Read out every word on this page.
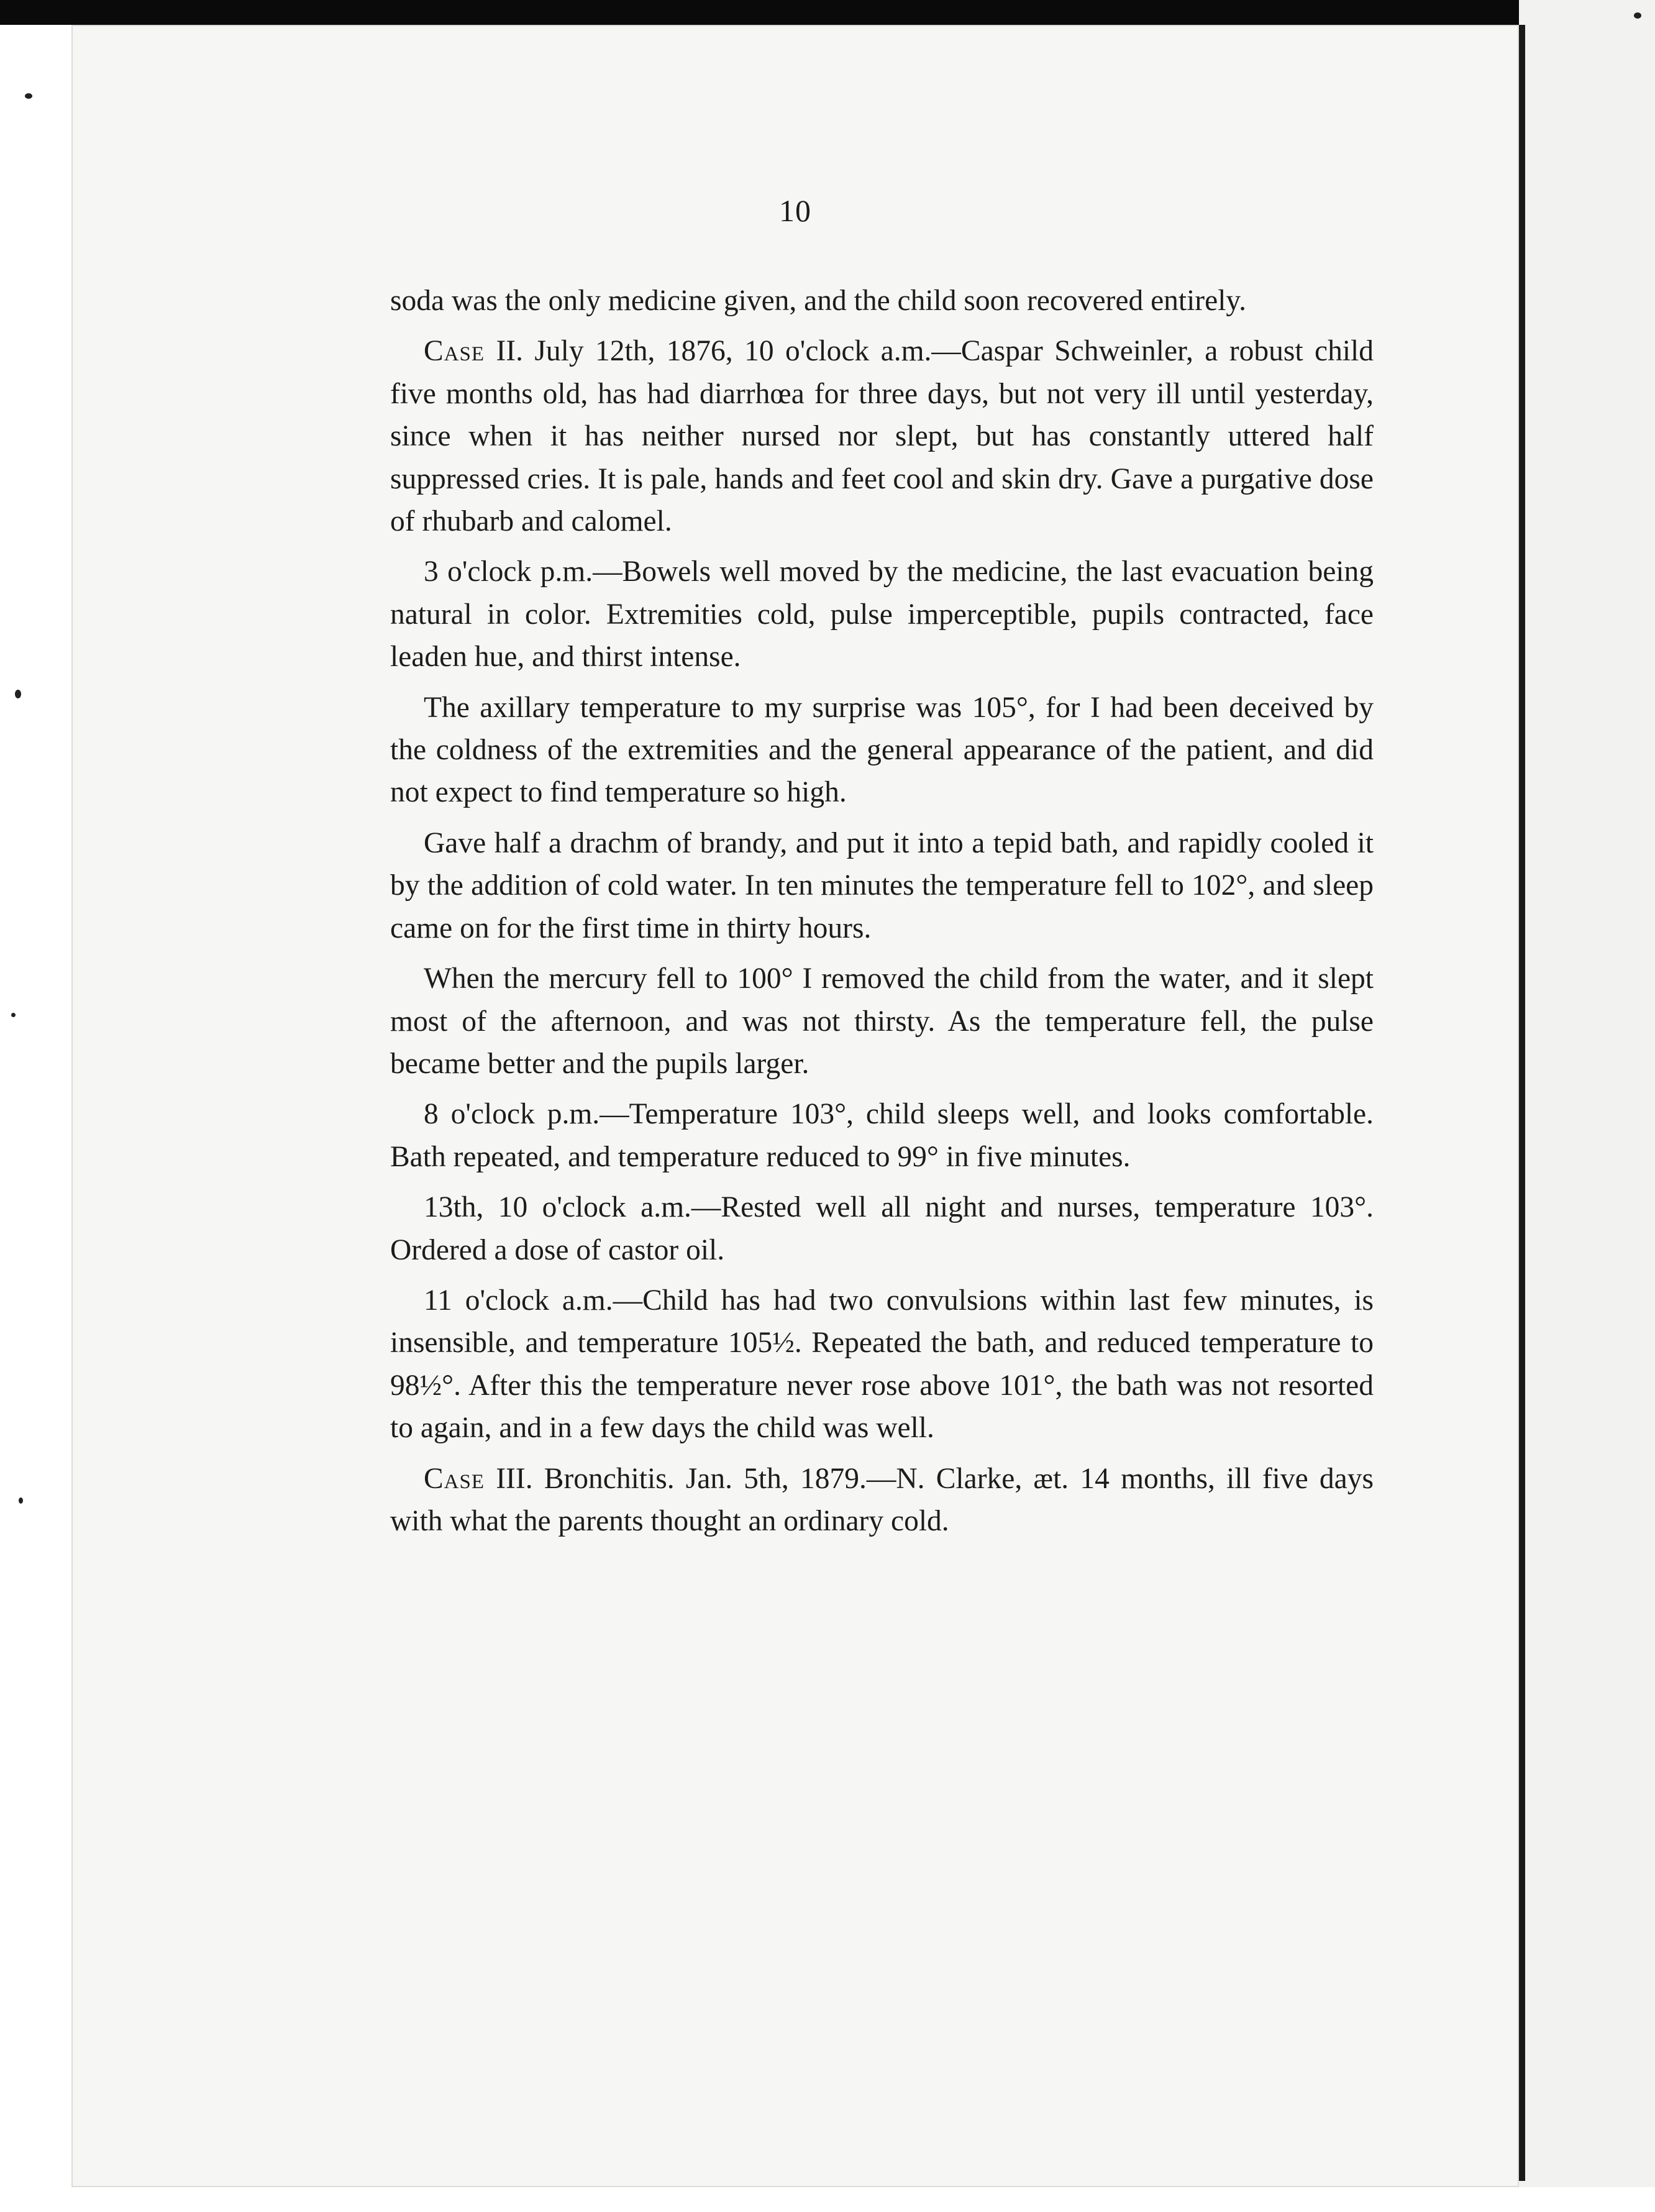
10

soda was the only medicine given, and the child soon recovered entirely.

Case II. July 12th, 1876, 10 o'clock a.m.—Caspar Schweinler, a robust child five months old, has had diarrhœa for three days, but not very ill until yesterday, since when it has neither nursed nor slept, but has constantly uttered half suppressed cries. It is pale, hands and feet cool and skin dry. Gave a purgative dose of rhubarb and calomel.

3 o'clock p.m.—Bowels well moved by the medicine, the last evacuation being natural in color. Extremities cold, pulse imperceptible, pupils contracted, face leaden hue, and thirst intense.

The axillary temperature to my surprise was 105°, for I had been deceived by the coldness of the extremities and the general appearance of the patient, and did not expect to find temperature so high.

Gave half a drachm of brandy, and put it into a tepid bath, and rapidly cooled it by the addition of cold water. In ten minutes the temperature fell to 102°, and sleep came on for the first time in thirty hours.

When the mercury fell to 100° I removed the child from the water, and it slept most of the afternoon, and was not thirsty. As the temperature fell, the pulse became better and the pupils larger.

8 o'clock p.m.—Temperature 103°, child sleeps well, and looks comfortable. Bath repeated, and temperature reduced to 99° in five minutes.

13th, 10 o'clock a.m.—Rested well all night and nurses, temperature 103°. Ordered a dose of castor oil.

11 o'clock a.m.—Child has had two convulsions within last few minutes, is insensible, and temperature 105½. Repeated the bath, and reduced temperature to 98½°. After this the temperature never rose above 101°, the bath was not resorted to again, and in a few days the child was well.

Case III. Bronchitis. Jan. 5th, 1879.—N. Clarke, æt. 14 months, ill five days with what the parents thought an ordinary cold.
